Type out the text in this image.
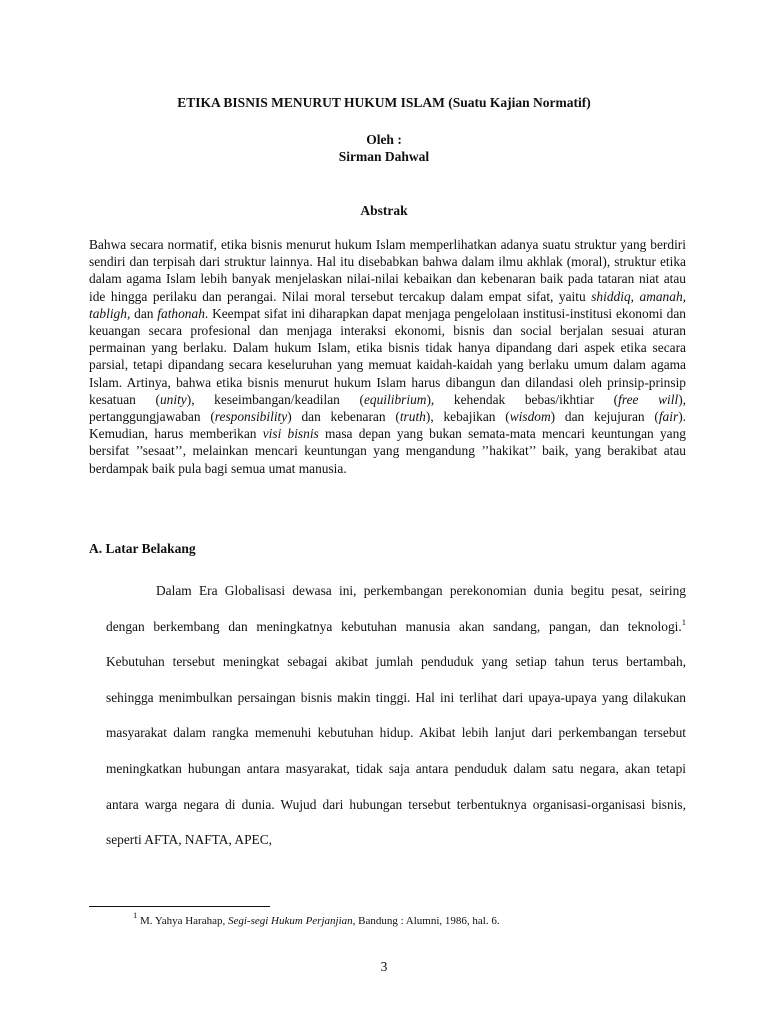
ETIKA BISNIS MENURUT HUKUM ISLAM (Suatu Kajian Normatif)
Oleh :
Sirman Dahwal
Abstrak

Bahwa secara normatif, etika bisnis menurut hukum Islam memperlihatkan adanya suatu struktur yang berdiri sendiri dan terpisah dari struktur lainnya. Hal itu disebabkan bahwa dalam ilmu akhlak (moral), struktur etika dalam agama Islam lebih banyak menjelaskan nilai-nilai kebaikan dan kebenaran baik pada tataran niat atau ide hingga perilaku dan perangai. Nilai moral tersebut tercakup dalam empat sifat, yaitu shiddiq, amanah, tabligh, dan fathonah. Keempat sifat ini diharapkan dapat menjaga pengelolaan institusi-institusi ekonomi dan keuangan secara profesional dan menjaga interaksi ekonomi, bisnis dan social berjalan sesuai aturan permainan yang berlaku. Dalam hukum Islam, etika bisnis tidak hanya dipandang dari aspek etika secara parsial, tetapi dipandang secara keseluruhan yang memuat kaidah-kaidah yang berlaku umum dalam agama Islam. Artinya, bahwa etika bisnis menurut hukum Islam harus dibangun dan dilandasi oleh prinsip-prinsip kesatuan (unity), keseimbangan/keadilan (equilibrium), kehendak bebas/ikhtiar (free will), pertanggungjawaban (responsibility) dan kebenaran (truth), kebajikan (wisdom) dan kejujuran (fair). Kemudian, harus memberikan visi bisnis masa depan yang bukan semata-mata mencari keuntungan yang bersifat ’’sesaat’’, melainkan mencari keuntungan yang mengandung ’’hakikat’’ baik, yang berakibat atau berdampak baik pula bagi semua umat manusia.

A. Latar Belakang

Dalam Era Globalisasi dewasa ini, perkembangan perekonomian dunia begitu pesat, seiring dengan berkembang dan meningkatnya kebutuhan manusia akan sandang, pangan, dan teknologi.$^1$ Kebutuhan tersebut meningkat sebagai akibat jumlah penduduk yang setiap tahun terus bertambah, sehingga menimbulkan persaingan bisnis makin tinggi. Hal ini terlihat dari upaya-upaya yang dilakukan masyarakat dalam rangka memenuhi kebutuhan hidup. Akibat lebih lanjut dari perkembangan tersebut meningkatkan hubungan antara masyarakat, tidak saja antara penduduk dalam satu negara, akan tetapi antara warga negara di dunia. Wujud dari hubungan tersebut terbentuknya organisasi-organisasi bisnis, seperti AFTA, NAFTA, APEC,

$^1$ M. Yahya Harahap, Segi-segi Hukum Perjanjian, Bandung : Alumni, 1986, hal. 6.

3
